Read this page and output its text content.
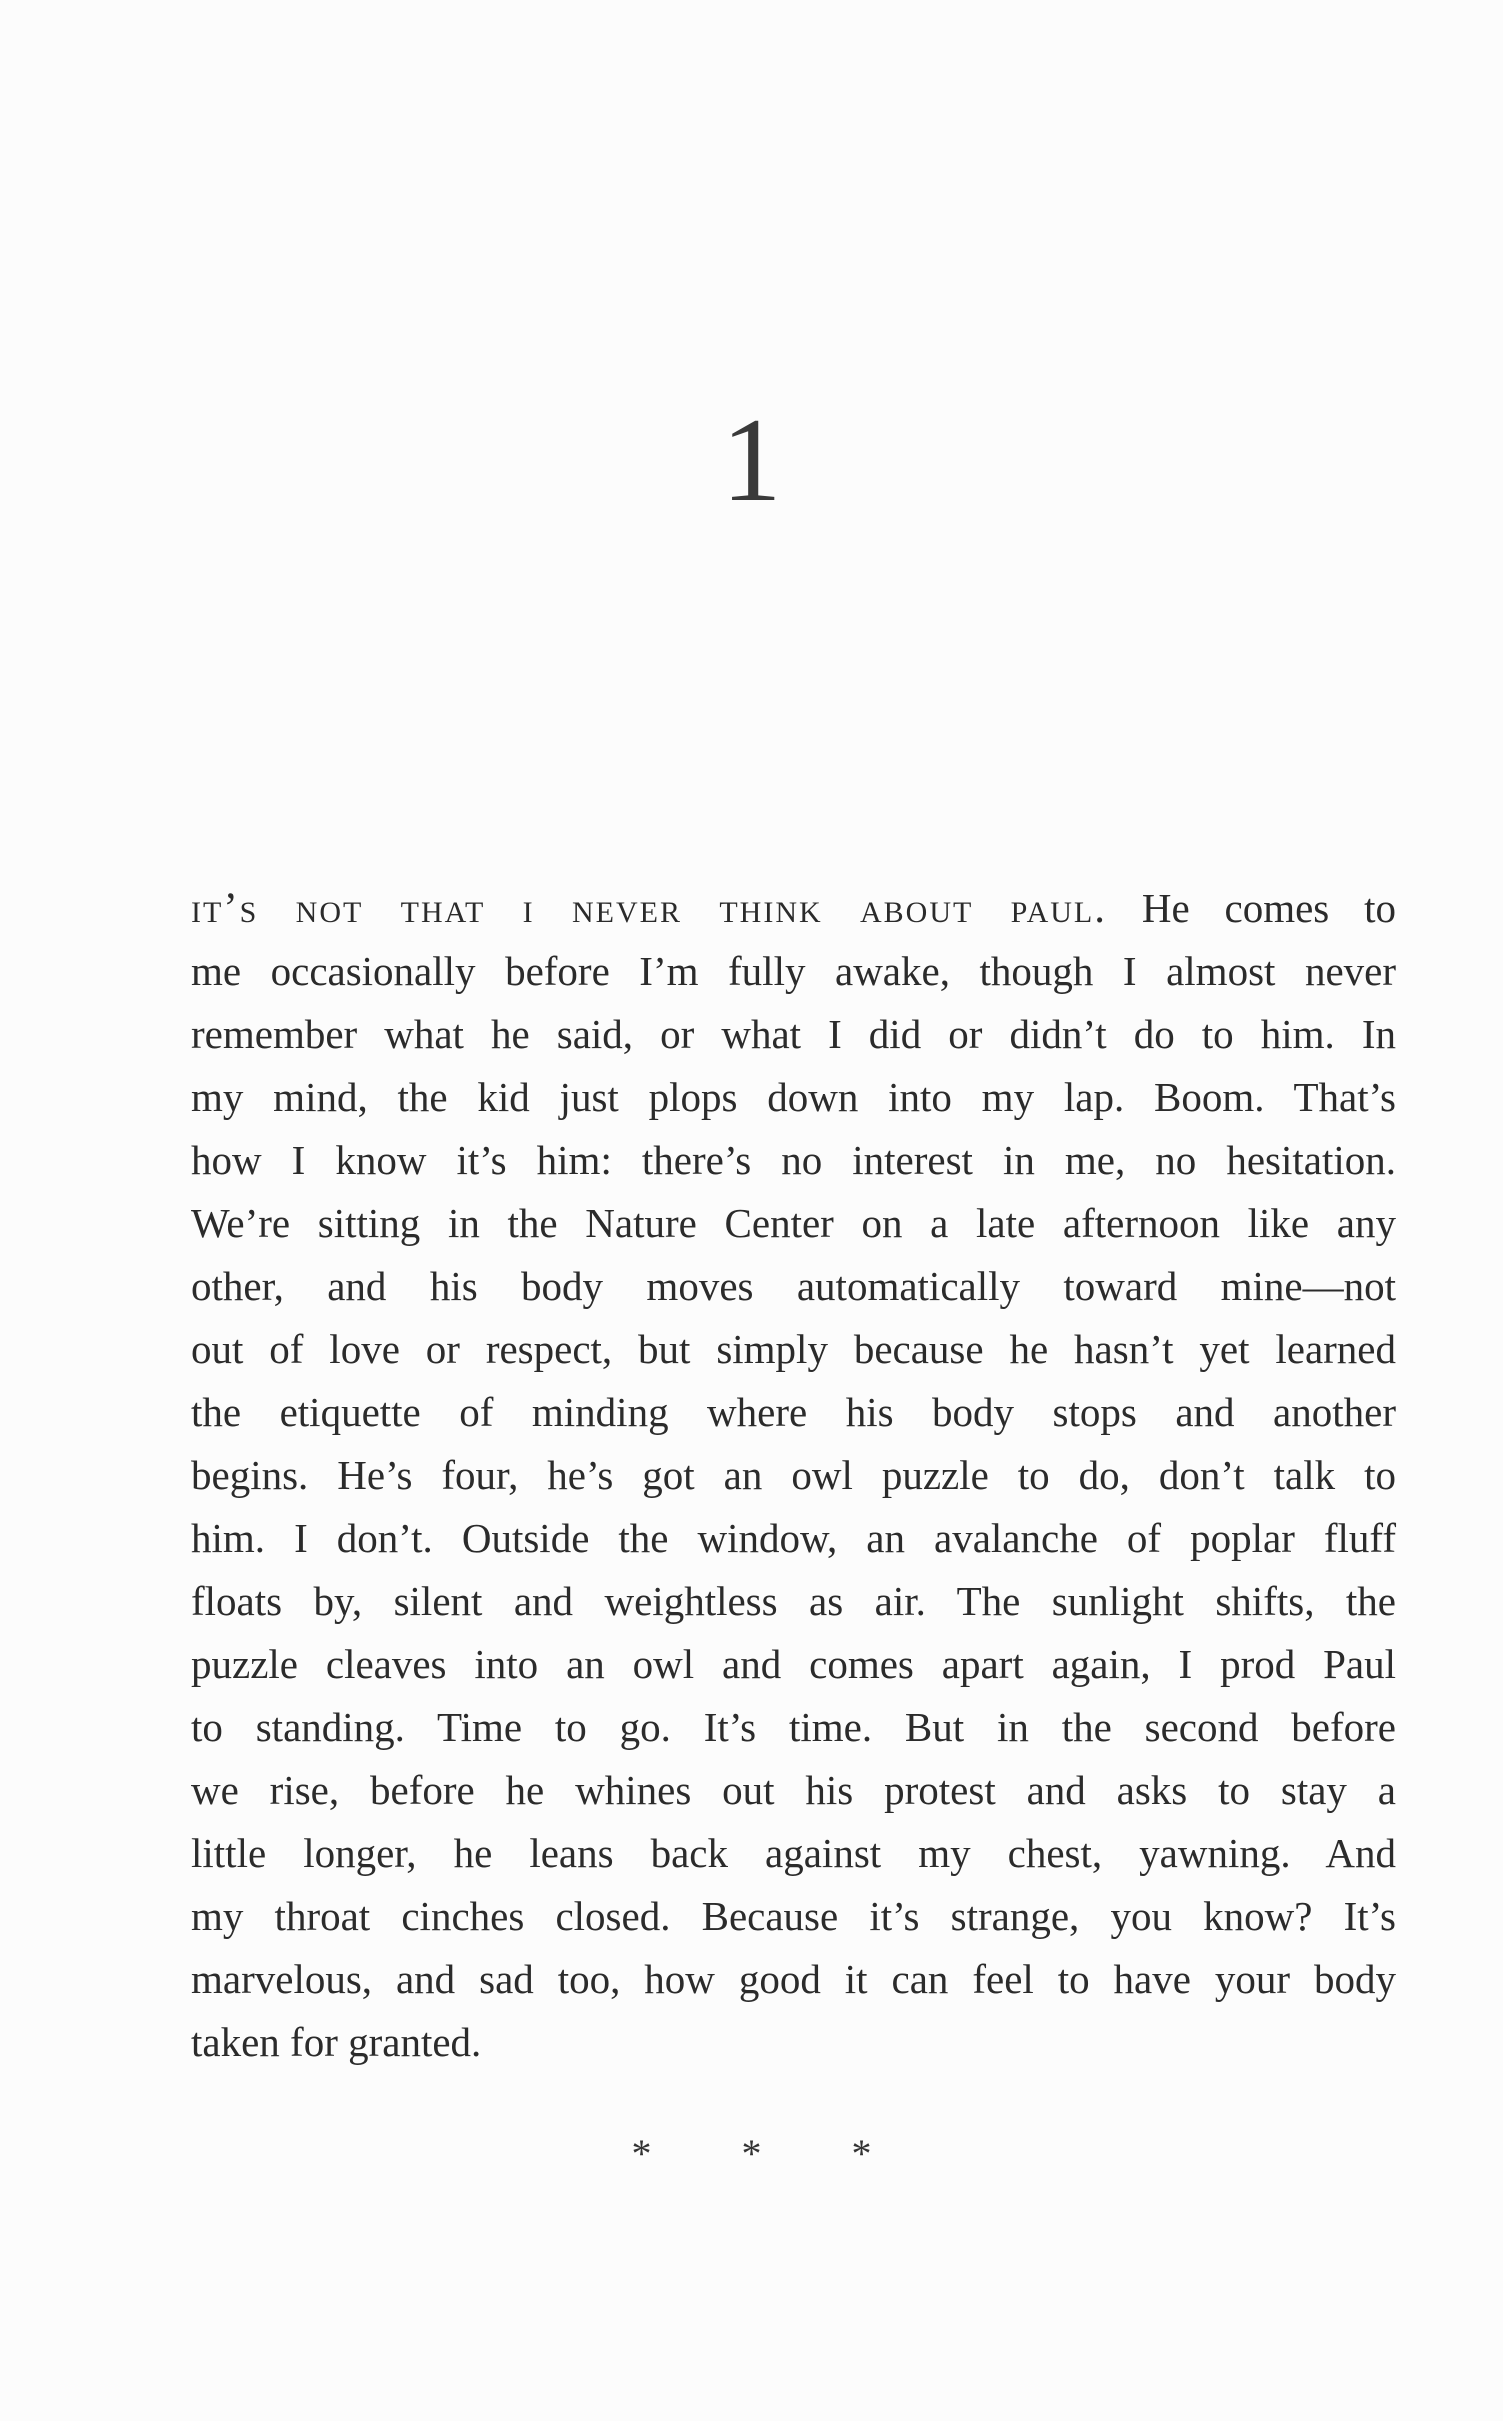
1
it’s not that i never think about paul. He comes to
me occasionally before I’m fully awake, though I almost never
remember what he said, or what I did or didn’t do to him. In
my mind, the kid just plops down into my lap. Boom. That’s
how I know it’s him: there’s no interest in me, no hesitation.
We’re sitting in the Nature Center on a late afternoon like any
other, and his body moves automatically toward mine—not
out of love or respect, but simply because he hasn’t yet learned
the etiquette of minding where his body stops and another
begins. He’s four, he’s got an owl puzzle to do, don’t talk to
him. I don’t. Outside the window, an avalanche of poplar fluff
floats by, silent and weightless as air. The sunlight shifts, the
puzzle cleaves into an owl and comes apart again, I prod Paul
to standing. Time to go. It’s time. But in the second before
we rise, before he whines out his protest and asks to stay a
little longer, he leans back against my chest, yawning. And
my throat cinches closed. Because it’s strange, you know? It’s
marvelous, and sad too, how good it can feel to have your body
taken for granted.
* * *
